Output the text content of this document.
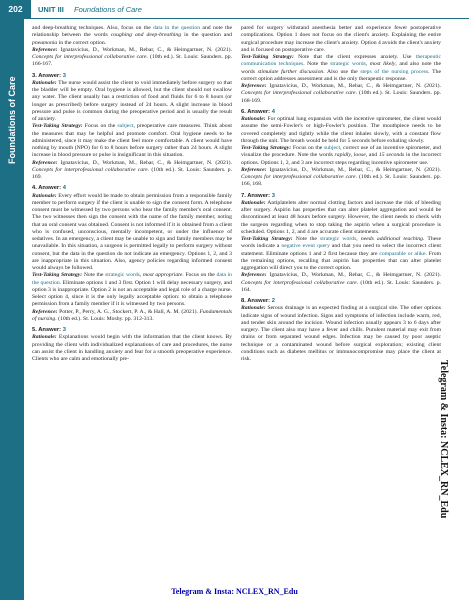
202	UNIT III Foundations of Care
Foundations of Care

and deep-breathing techniques. Also, focus on the data in the question and note the relationship between the words coughing and deep-breathing in the question and pneumonia in the correct option.

Reference: Ignatavicius, D., Workman, M., Rebar, C., & Heimgartner, N. (2021). Concepts for interprofessional collaborative care. (10th ed.). St. Louis: Saunders. pp. 166-167.

3. Answer: 3

Rationale: The nurse would assist the client to void immediately before surgery so that the bladder will be empty. Oral hygiene is allowed, but the client should not swallow any water. The client usually has a restriction of food and fluids for 6 to 8 hours (or longer as prescribed) before surgery instead of 24 hours. A slight increase in blood pressure and pulse is common during the preoperative period and is usually the result of anxiety.

Test-Taking Strategy: Focus on the subject, preoperative care measures. Think about the measures that may be helpful and promote comfort. Oral hygiene needs to be administered, since it may make the client feel more comfortable. A client would have nothing by mouth (NPO) for 6 to 8 hours before surgery rather than 24 hours. A slight increase in blood pressure or pulse is insignificant in this situation.

Reference: Ignatavicius, D., Workman, M., Rebar, C., & Heimgartner, N. (2021). Concepts for interprofessional collaborative care. (10th ed.). St. Louis: Saunders. p. 169.

4. Answer: 4

Rationale: Every effort would be made to obtain permission from a responsible family member to perform surgery if the client is unable to sign the consent form. A telephone consent must be witnessed by two persons who hear the family member's oral consent. The two witnesses then sign the consent with the name of the family member, noting that an oral consent was obtained. Consent is not informed if it is obtained from a client who is confused, unconscious, mentally incompetent, or under the influence of sedatives. In an emergency, a client may be unable to sign and family members may be unavailable. In this situation, a surgeon is permitted legally to perform surgery without consent, but the data in the question do not indicate an emergency. Options 1, 2, and 3 are inappropriate in this situation. Also, agency policies regarding informed consent would always be followed.

Test-Taking Strategy: Note the strategic words, most appropriate. Focus on the data in the question. Eliminate options 1 and 3 first. Option 1 will delay necessary surgery, and option 3 is inappropriate. Option 2 is not an acceptable and legal role of a charge nurse. Select option 4, since it is the only legally acceptable option: to obtain a telephone permission from a family member if it is witnessed by two persons.

Reference: Potter, P., Perry, A. G., Stockert, P. A., & Hall, A. M. (2021). Fundamentals of nursing. (10th ed.). St. Louis: Mosby. pp. 312-313.

5. Answer: 3

Rationale: Explanations would begin with the information that the client knows. By providing the client with individualized explanations of care and procedures, the nurse can assist the client in handling anxiety and fear for a smooth preoperative experience. Clients who are calm and emotionally pre-

pared for surgery withstand anesthesia better and experience fewer postoperative complications. Option 1 does not focus on the client's anxiety. Explaining the entire surgical procedure may increase the client's anxiety. Option 4 avoids the client's anxiety and is focused on postoperative care.

Test-Taking Strategy: Note that the client expresses anxiety. Use therapeutic communication techniques. Note the strategic words, most likely, and also note the words stimulate further discussion. Also use the steps of the nursing process. The correct option addresses assessment and is the only therapeutic response.

Reference: Ignatavicius, D., Workman, M., Rebar, C., & Heimgartner, N. (2021). Concepts for interprofessional collaborative care. (10th ed.). St. Louis: Saunders. pp. 168-169.

6. Answer: 4

Rationale: For optimal lung expansion with the incentive spirometer, the client would assume the semi-Fowler's or high-Fowler's position. The mouthpiece needs to be covered completely and tightly while the client inhales slowly, with a constant flow through the unit. The breath would be held for 5 seconds before exhaling slowly.

Test-Taking Strategy: Focus on the subject, correct use of an incentive spirometer, and visualize the procedure. Note the words rapidly, loose, and 15 seconds in the incorrect options. Options 1, 2, and 3 are incorrect steps regarding incentive spirometer use.

Reference: Ignatavicius, D., Workman, M., Rebar, C., & Heimgartner, N. (2021). Concepts for interprofessional collaborative care. (10th ed.). St. Louis: Saunders. pp. 166, 168.

7. Answer: 3

Rationale: Antiplatelets alter normal clotting factors and increase the risk of bleeding after surgery. Aspirin has properties that can alter platelet aggregation and would be discontinued at least 48 hours before surgery. However, the client needs to check with the surgeon regarding when to stop taking the aspirin when a surgical procedure is scheduled. Options 1, 2, and 4 are accurate client statements.

Test-Taking Strategy: Note the strategic words, needs additional teaching. These words indicate a negative event query and that you need to select the incorrect client statement. Eliminate options 1 and 2 first because they are comparable or alike. From the remaining options, recalling that aspirin has properties that can alter platelet aggregation will direct you to the correct option.

Reference: Ignatavicius, D., Workman, M., Rebar, C., & Heimgartner, N. (2021). Concepts for interprofessional collaborative care. (10th ed.). St. Louis: Saunders. p. 164.

8. Answer: 2

Rationale: Serous drainage is an expected finding at a surgical site. The other options indicate signs of wound infection. Signs and symptoms of infection include warm, red, and tender skin around the incision. Wound infection usually appears 3 to 6 days after surgery. The client also may have a fever and chills. Purulent material may exit from drains or from separated wound edges. Infection may be caused by poor aseptic technique or a contaminated wound before surgical exploration; existing client conditions such as diabetes mellitus or immunocompromise may place the client at risk.

Telegram & Insta: NCLEX_RN_Edu
Telegram & Insta: NCLEX_RN_Edu
